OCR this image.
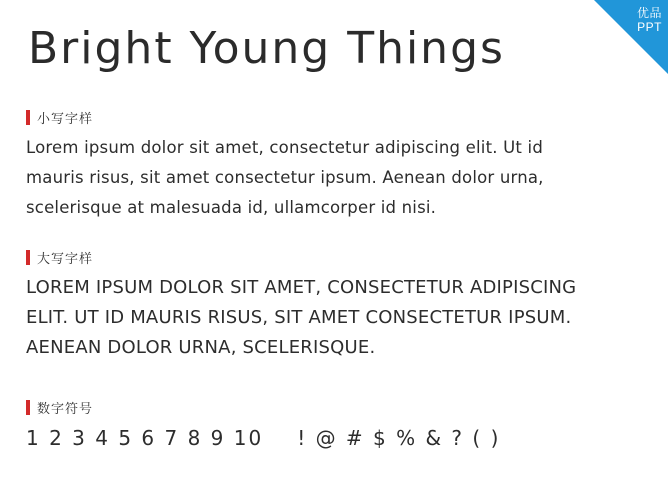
优品
PPT
Bright Young Things
小写字样
Lorem ipsum dolor sit amet, consectetur adipiscing elit. Ut id
mauris risus, sit amet consectetur ipsum. Aenean dolor urna,
scelerisque at malesuada id, ullamcorper id nisi.
大写字样
LOREM IPSUM DOLOR SIT AMET, CONSECTETUR ADIPISCING
ELIT. UT ID MAURIS RISUS, SIT AMET CONSECTETUR IPSUM.
AENEAN DOLOR URNA, SCELERISQUE.
数字符号
1 2 3 4 5 6 7 8 9 10 ! @ # $ % & ? ( )
